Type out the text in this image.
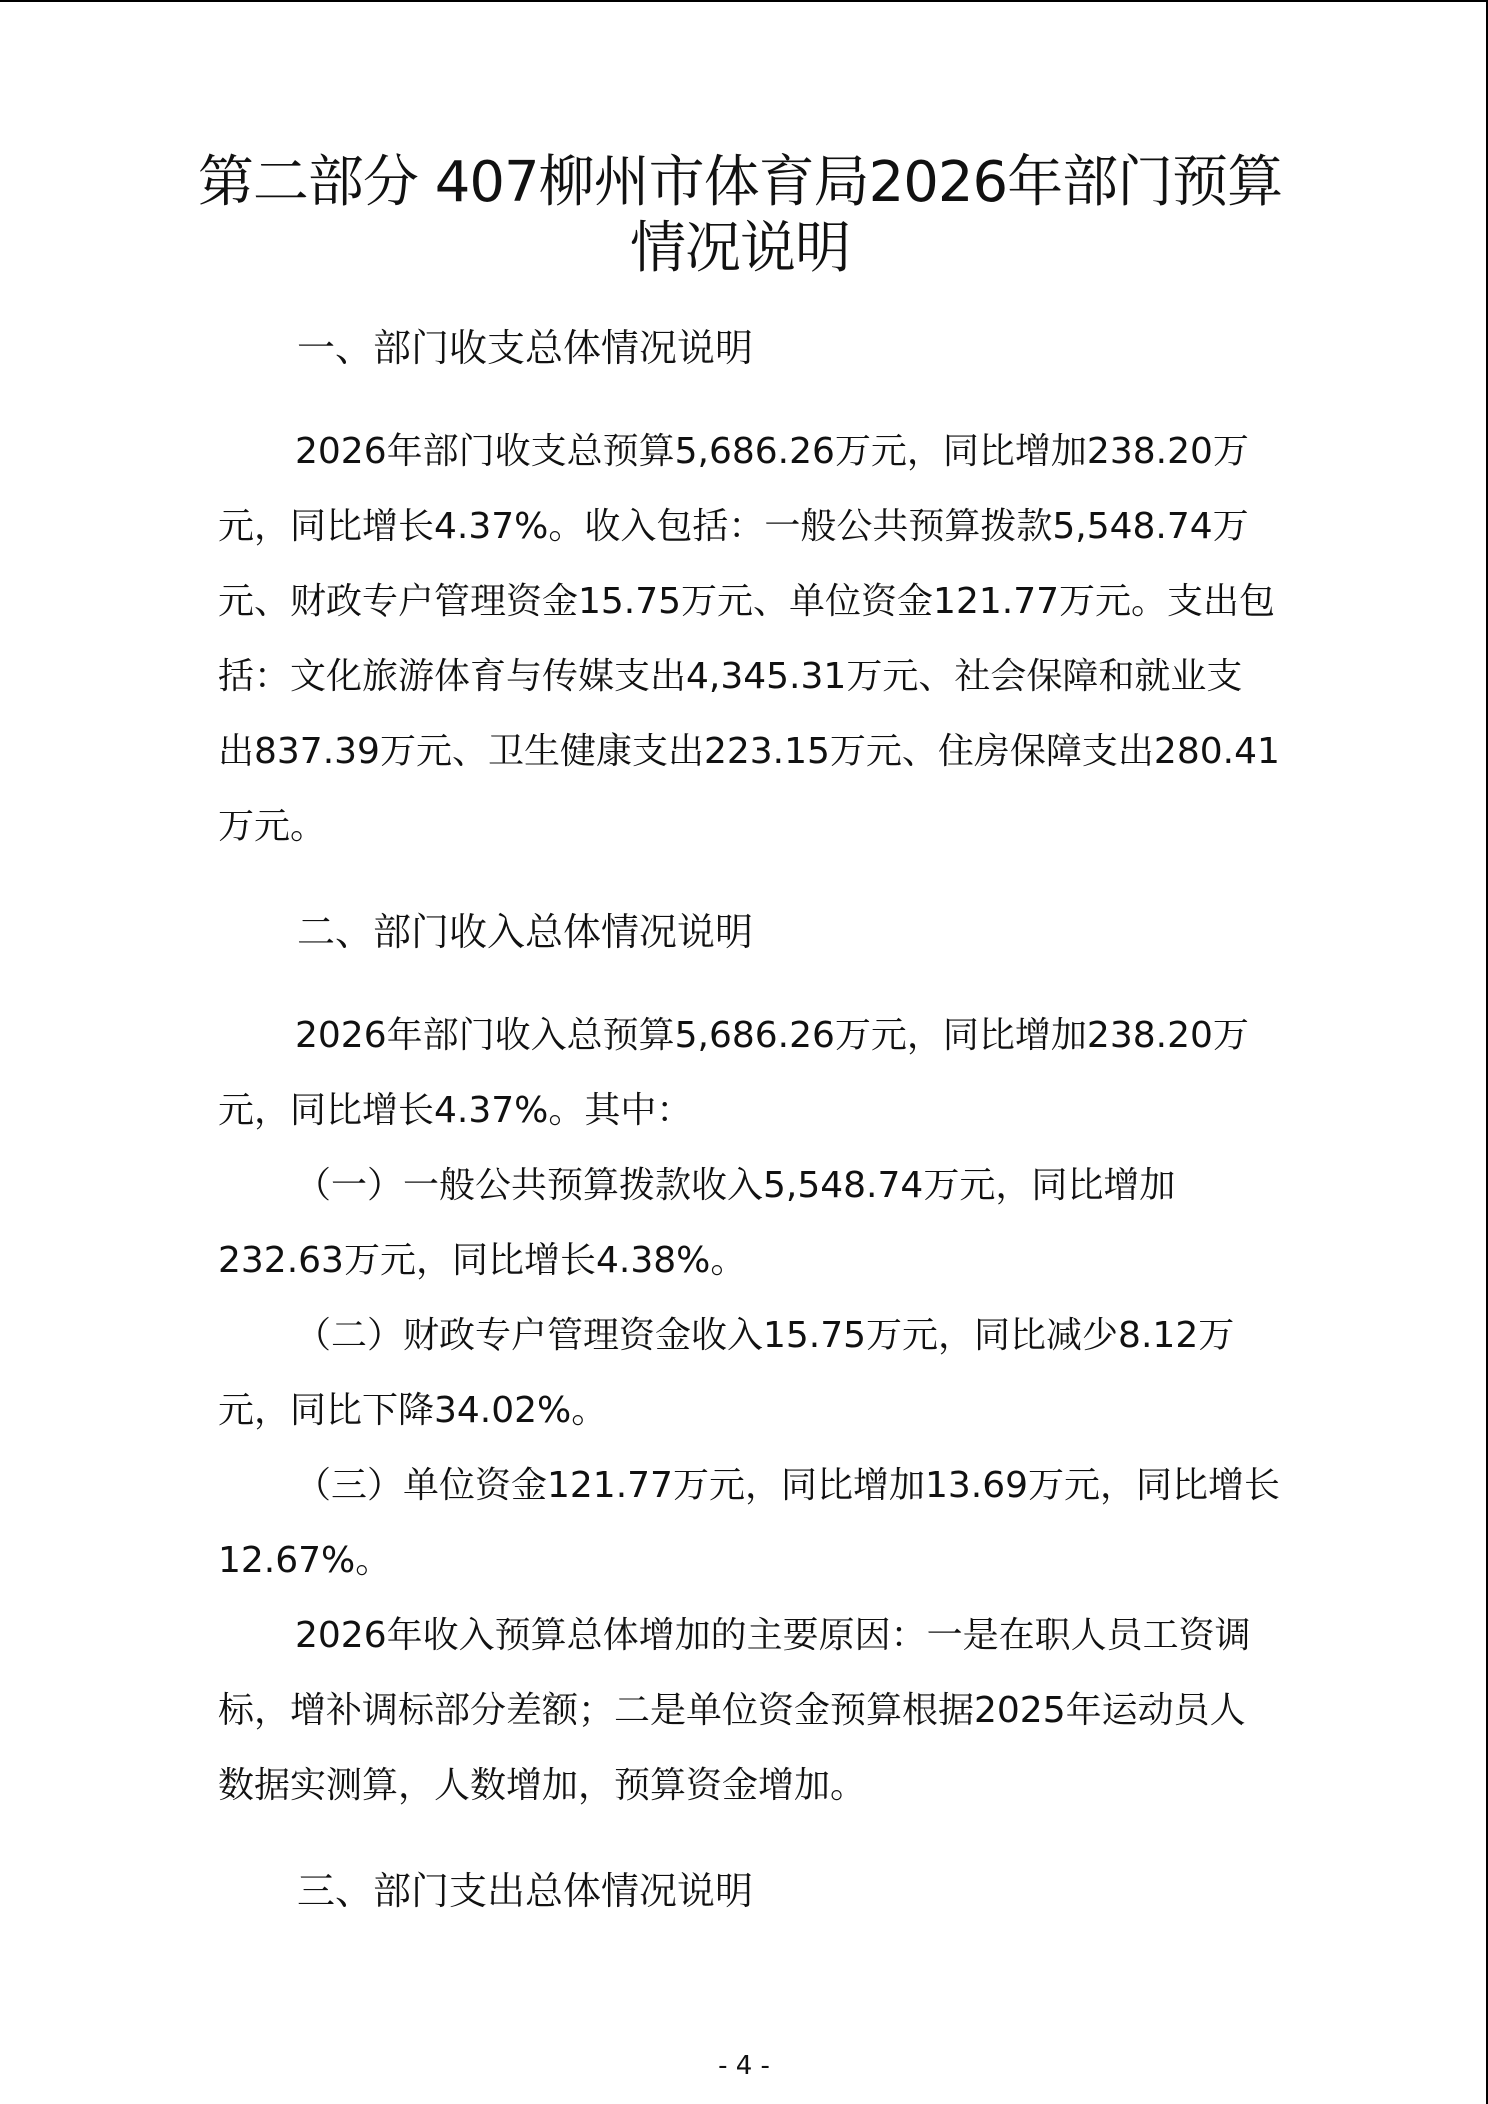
第二部分 407柳州市体育局2026年部门预算
情况说明
一、部门收支总体情况说明

2026年部门收支总预算5,686.26万元，同比增加238.20万

元，同比增长4.37%。收入包括：一般公共预算拨款5,548.74万

元、财政专户管理资金15.75万元、单位资金121.77万元。支出包

括：文化旅游体育与传媒支出4,345.31万元、社会保障和就业支

出837.39万元、卫生健康支出223.15万元、住房保障支出280.41

万元。

二、部门收入总体情况说明

2026年部门收入总预算5,686.26万元，同比增加238.20万

元，同比增长4.37%。其中：

（一）一般公共预算拨款收入5,548.74万元，同比增加

232.63万元，同比增长4.38%。

（二）财政专户管理资金收入15.75万元，同比减少8.12万

元，同比下降34.02%。

（三）单位资金121.77万元，同比增加13.69万元，同比增长

12.67%。

2026年收入预算总体增加的主要原因：一是在职人员工资调

标，增补调标部分差额；二是单位资金预算根据2025年运动员人

数据实测算，人数增加，预算资金增加。

三、部门支出总体情况说明
- 4 -
